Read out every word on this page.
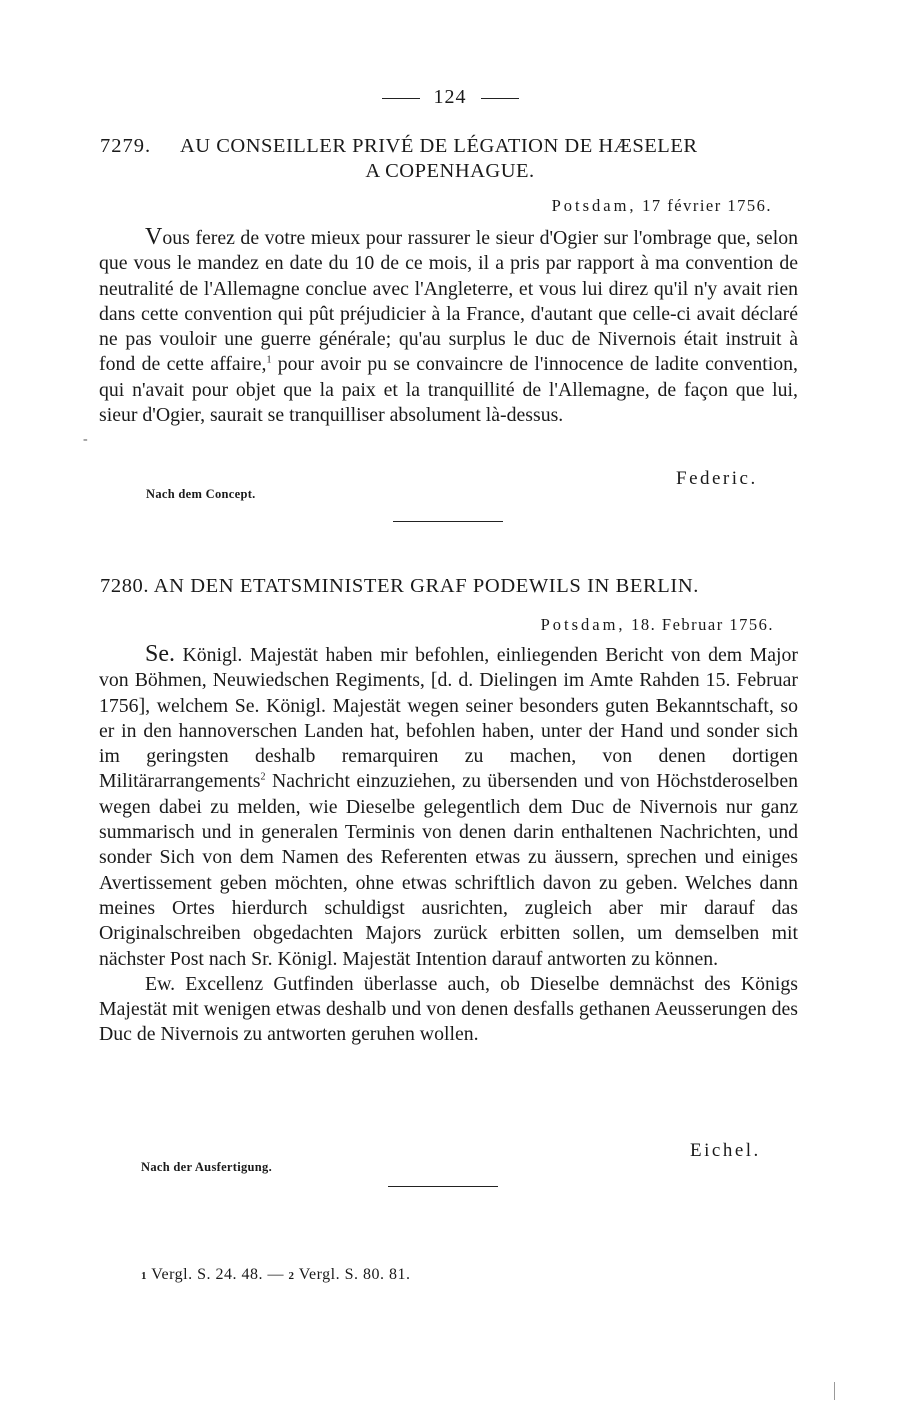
124
7279. AU CONSEILLER PRIVÉ DE LÉGATION DE HÆSELER
A COPENHAGUE.
Potsdam, 17 février 1756.

Vous ferez de votre mieux pour rassurer le sieur d'Ogier sur l'ombrage que, selon que vous le mandez en date du 10 de ce mois, il a pris par rapport à ma convention de neutralité de l'Allemagne conclue avec l'Angleterre, et vous lui direz qu'il n'y avait rien dans cette convention qui pût préjudicier à la France, d'autant que celle-ci avait déclaré ne pas vouloir une guerre générale; qu'au surplus le duc de Nivernois était instruit à fond de cette affaire,$^1$ pour avoir pu se convaincre de l'innocence de ladite convention, qui n'avait pour objet que la paix et la tranquillité de l'Allemagne, de façon que lui, sieur d'Ogier, saurait se tranquilliser absolument là-dessus.

-
Federic.
Nach dem Concept.
7280. AN DEN ETATSMINISTER GRAF PODEWILS IN BERLIN.
Potsdam, 18. Februar 1756.

Se. Königl. Majestät haben mir befohlen, einliegenden Bericht von dem Major von Böhmen, Neuwiedschen Regiments, [d. d. Dielingen im Amte Rahden 15. Februar 1756], welchem Se. Königl. Majestät wegen seiner besonders guten Bekanntschaft, so er in den hannoverschen Landen hat, befohlen haben, unter der Hand und sonder sich im geringsten deshalb remarquiren zu machen, von denen dortigen Militärarrangements$^2$ Nachricht einzuziehen, zu übersenden und von Höchstderoselben wegen dabei zu melden, wie Dieselbe gelegentlich dem Duc de Nivernois nur ganz summarisch und in generalen Terminis von denen darin enthaltenen Nachrichten, und sonder Sich von dem Namen des Referenten etwas zu äussern, sprechen und einiges Avertissement geben möchten, ohne etwas schriftlich davon zu geben. Welches dann meines Ortes hierdurch schuldigst ausrichten, zugleich aber mir darauf das Originalschreiben obgedachten Majors zurück erbitten sollen, um demselben mit nächster Post nach Sr. Königl. Majestät Intention darauf antworten zu können.

Ew. Excellenz Gutfinden überlasse auch, ob Dieselbe demnächst des Königs Majestät mit wenigen etwas deshalb und von denen desfalls gethanen Aeusserungen des Duc de Nivernois zu antworten geruhen wollen.

Eichel.
Nach der Ausfertigung.
1 Vergl. S. 24. 48. — 2 Vergl. S. 80. 81.
